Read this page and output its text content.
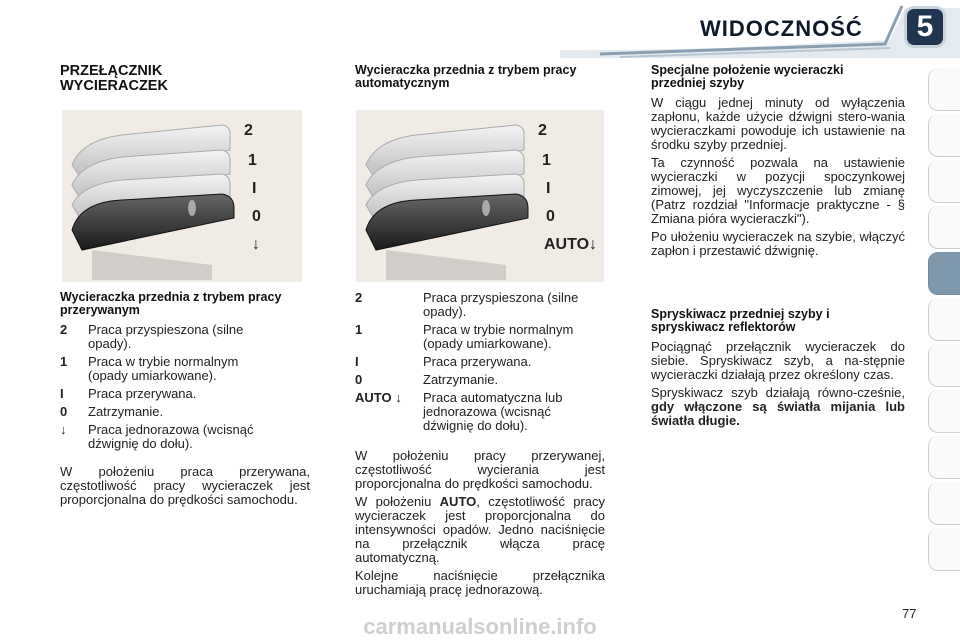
WIDOCZNOŚĆ	5
PRZEŁĄCZNIK WYCIERACZEK
2
1
I
0
↓
Wycieraczka przednia z trybem pracy przerywanym
2	Praca przyspieszona (silne opady).
1	Praca w trybie normalnym (opady umiarkowane).
I	Praca przerywana.
0	Zatrzymanie.
↓	Praca jednorazowa (wcisnąć dźwignię do dołu).

W położeniu praca przerywana, częstotliwość pracy wycieraczek jest proporcjonalna do prędkości samochodu.

Wycieraczka przednia z trybem pracy automatycznym
2
1
I
0
AUTO↓
2	Praca przyspieszona (silne opady).
1	Praca w trybie normalnym (opady umiarkowane).
I	Praca przerywana.
0	Zatrzymanie.
AUTO ↓	Praca automatyczna lub jednorazowa (wcisnąć dźwignię do dołu).

W położeniu pracy przerywanej, częstotliwość wycierania jest proporcjonalna do prędkości samochodu.

W położeniu AUTO, częstotliwość pracy wycieraczek jest proporcjonalna do intensywności opadów. Jedno naciśnięcie na przełącznik włącza pracę automatyczną.

Kolejne naciśnięcie przełącznika uruchamiają pracę jednorazową.

Specjalne położenie wycieraczki przedniej szyby

W ciągu jednej minuty od wyłączenia zapłonu, każde użycie dźwigni stero-wania wycieraczkami powoduje ich ustawienie na środku szyby przedniej.

Ta czynność pozwala na ustawienie wycieraczki w pozycji spoczynkowej zimowej, jej wyczyszczenie lub zmianę (Patrz rozdział "Informacje praktyczne - § Zmiana pióra wycieraczki").

Po ułożeniu wycieraczek na szybie, włączyć zapłon i przestawić dźwignię.

Spryskiwacz przedniej szyby i spryskiwacz reflektorów

Pociągnąć przełącznik wycieraczek do siebie. Spryskiwacz szyb, a na-stępnie wycieraczki działają przez określony czas.

Spryskiwacz szyb działają równo-cześnie, gdy włączone są światła mijania lub światła długie.

77
carmanualsonline.info
